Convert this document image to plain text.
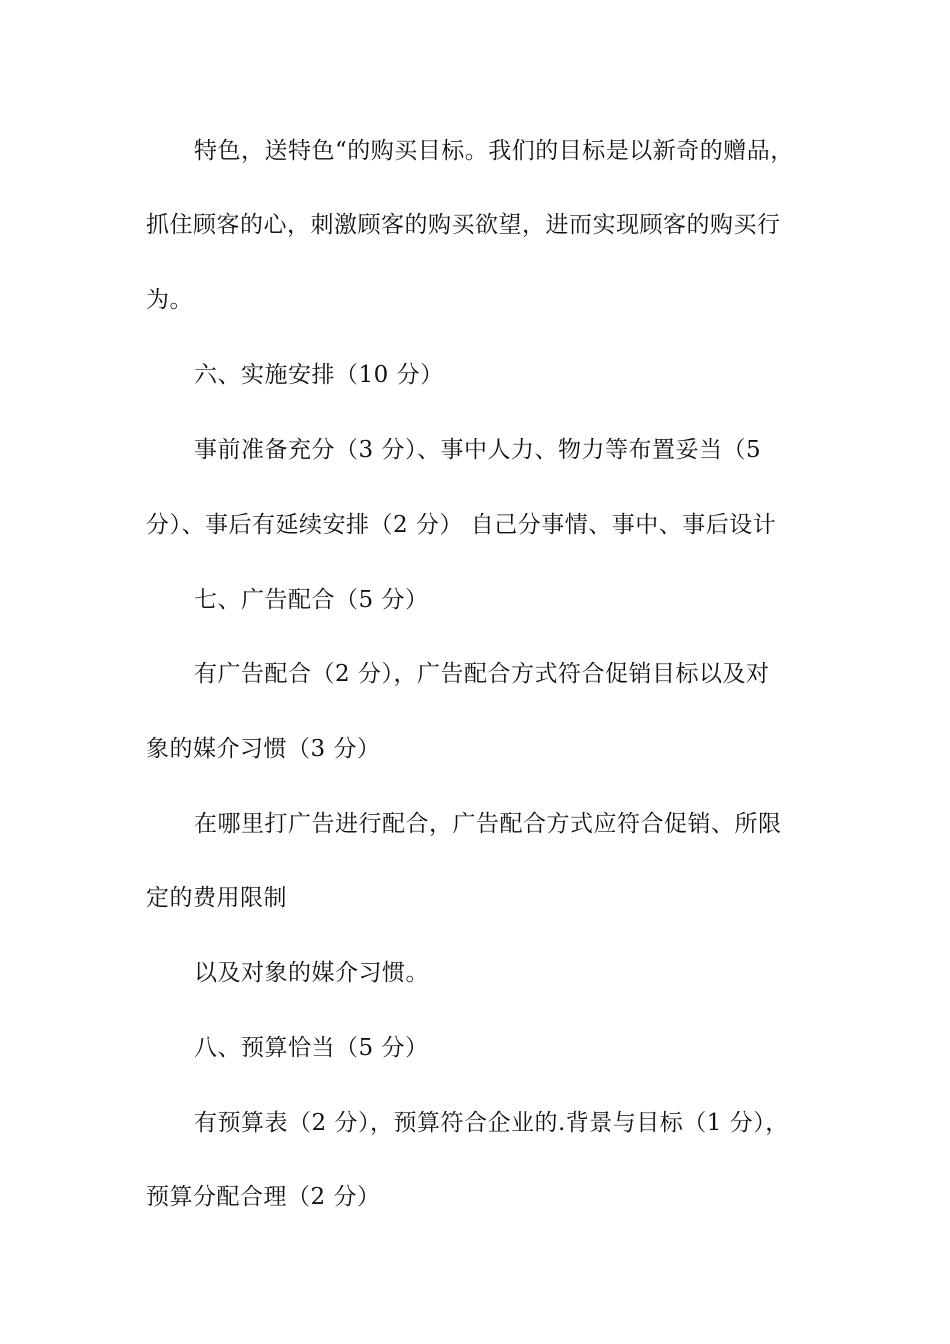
特色，送特色“的购买目标。我们的目标是以新奇的赠品，
抓住顾客的心，刺激顾客的购买欲望，进而实现顾客的购买行
为。
六、实施安排（10 分）
事前准备充分（3 分）、事中人力、物力等布置妥当（5
分）、事后有延续安排（2 分） 自己分事情、事中、事后设计
七、广告配合（5 分）
有广告配合（2 分），广告配合方式符合促销目标以及对
象的媒介习惯（3 分）
在哪里打广告进行配合，广告配合方式应符合促销、所限
定的费用限制
以及对象的媒介习惯。
八、预算恰当（5 分）
有预算表（2 分），预算符合企业的.背景与目标（1 分），
预算分配合理（2 分）
